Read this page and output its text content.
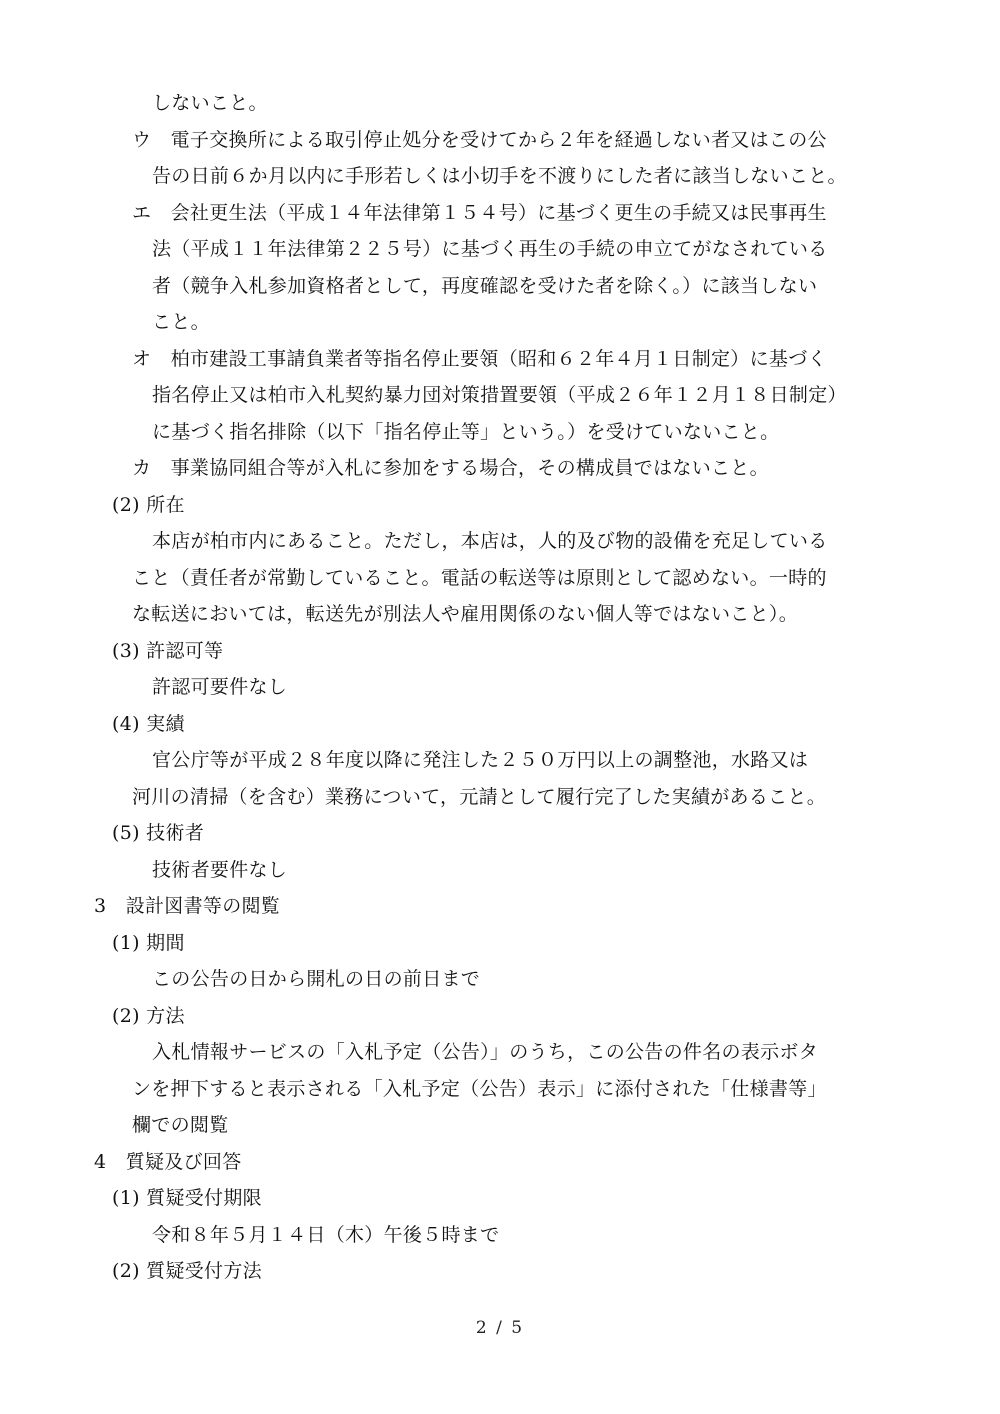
しないこと。
ウ　電子交換所による取引停止処分を受けてから２年を経過しない者又はこの公
告の日前６か月以内に手形若しくは小切手を不渡りにした者に該当しないこと。
エ　会社更生法（平成１４年法律第１５４号）に基づく更生の手続又は民事再生
法（平成１１年法律第２２５号）に基づく再生の手続の申立てがなされている
者（競争入札参加資格者として，再度確認を受けた者を除く。）に該当しない
こと。
オ　柏市建設工事請負業者等指名停止要領（昭和６２年４月１日制定）に基づく
指名停止又は柏市入札契約暴力団対策措置要領（平成２６年１２月１８日制定）
に基づく指名排除（以下「指名停止等」という。）を受けていないこと。
カ　事業協同組合等が入札に参加をする場合，その構成員ではないこと。
(2) 所在
本店が柏市内にあること。ただし，本店は，人的及び物的設備を充足している
こと（責任者が常勤していること。電話の転送等は原則として認めない。一時的
な転送においては，転送先が別法人や雇用関係のない個人等ではないこと）。
(3) 許認可等
許認可要件なし
(4) 実績
官公庁等が平成２８年度以降に発注した２５０万円以上の調整池，水路又は
河川の清掃（を含む）業務について，元請として履行完了した実績があること。
(5) 技術者
技術者要件なし
3　設計図書等の閲覧
(1) 期間
この公告の日から開札の日の前日まで
(2) 方法
入札情報サービスの「入札予定（公告）」のうち，この公告の件名の表示ボタ
ンを押下すると表示される「入札予定（公告）表示」に添付された「仕様書等」
欄での閲覧
4　質疑及び回答
(1) 質疑受付期限
令和８年５月１４日（木）午後５時まで
(2) 質疑受付方法
2 / 5
